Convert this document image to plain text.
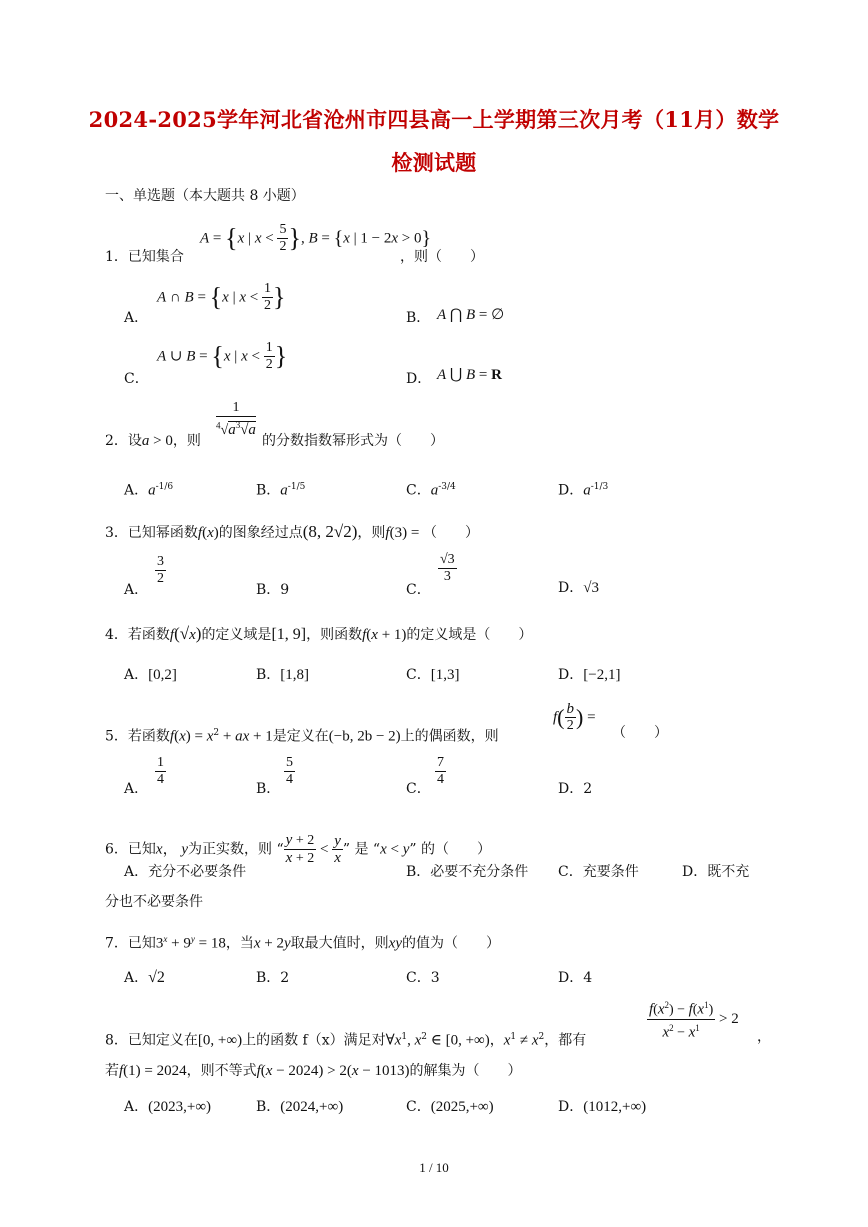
2024-2025学年河北省沧州市四县高一上学期第三次月考（11月）数学
检测试题
一、单选题（本大题共 8 小题）
1．已知集合
A = {x | $x < \frac{5}{2}$ }, B = {x | 1 − 2x > 0}
，则（　　）
A．
A ∩ B = {x | $x < \frac{1}{2}$ }
B． A ⋂ B = ∅
C．
A ∪ B = {x | $x < \frac{1}{2}$ }
D． A ⋃ B = R
2．设a > 0，则
$\frac{1}{^4√a^3√a}$
的分数指数幂形式为（　　）
A．$a^{-1/6}$	B．$a^{-1/5}$	C．$a^{-3/4}$	D．$a^{-1/3}$
3．已知幂函数f(x)的图象经过点(8, 2√2)，则f(3) = （　　）
A．
$\frac{3}{2}$
B．9	C．
$\frac{√3}{3}$
D．√3
4．若函数f(√x)的定义域是[1, 9]，则函数f(x + 1)的定义域是（　　）
A．[0,2]	B．[1,8]	C．[1,3]	D．[−2,1]
5．若函数$f(x) = x^2$ + ax + 1是定义在(−b, 2b − 2)上的偶函数，则
$f( \frac{b}{2}$ ) =
（　　）
A．
$\frac{1}{4}$
B．
$\frac{5}{4}$
C．
$\frac{7}{4}$
D．2
6．已知x， y为正实数，则 “ $\frac{y + 2}{x + 2} < \frac{y}{x}$ ” 是 “x < y” 的（　　）
A．充分不必要条件	B．必要不充分条件 C．充要条件	D．既不充
分也不必要条件
7．已知$3^x + 9^y = 18$，当x + 2y取最大值时，则xy的值为（　　）
A．√2	B．2	C．3	D．4
8．已知定义在[0, +∞)上的函数 f（x）满足对$\forall x^1$, $x^2$ ∈ [0, +∞)，$x^1 \ne x^2$，都有	$\frac{f(x^2) - f(x^1)}{x^2 - x^1} > 2$
，
若f(1) = 2024，则不等式f(x − 2024) > 2(x − 1013)的解集为（　　）
A．(2023,+∞)	B．(2024,+∞)	C．(2025,+∞)	D．(1012,+∞)
1 / 10
